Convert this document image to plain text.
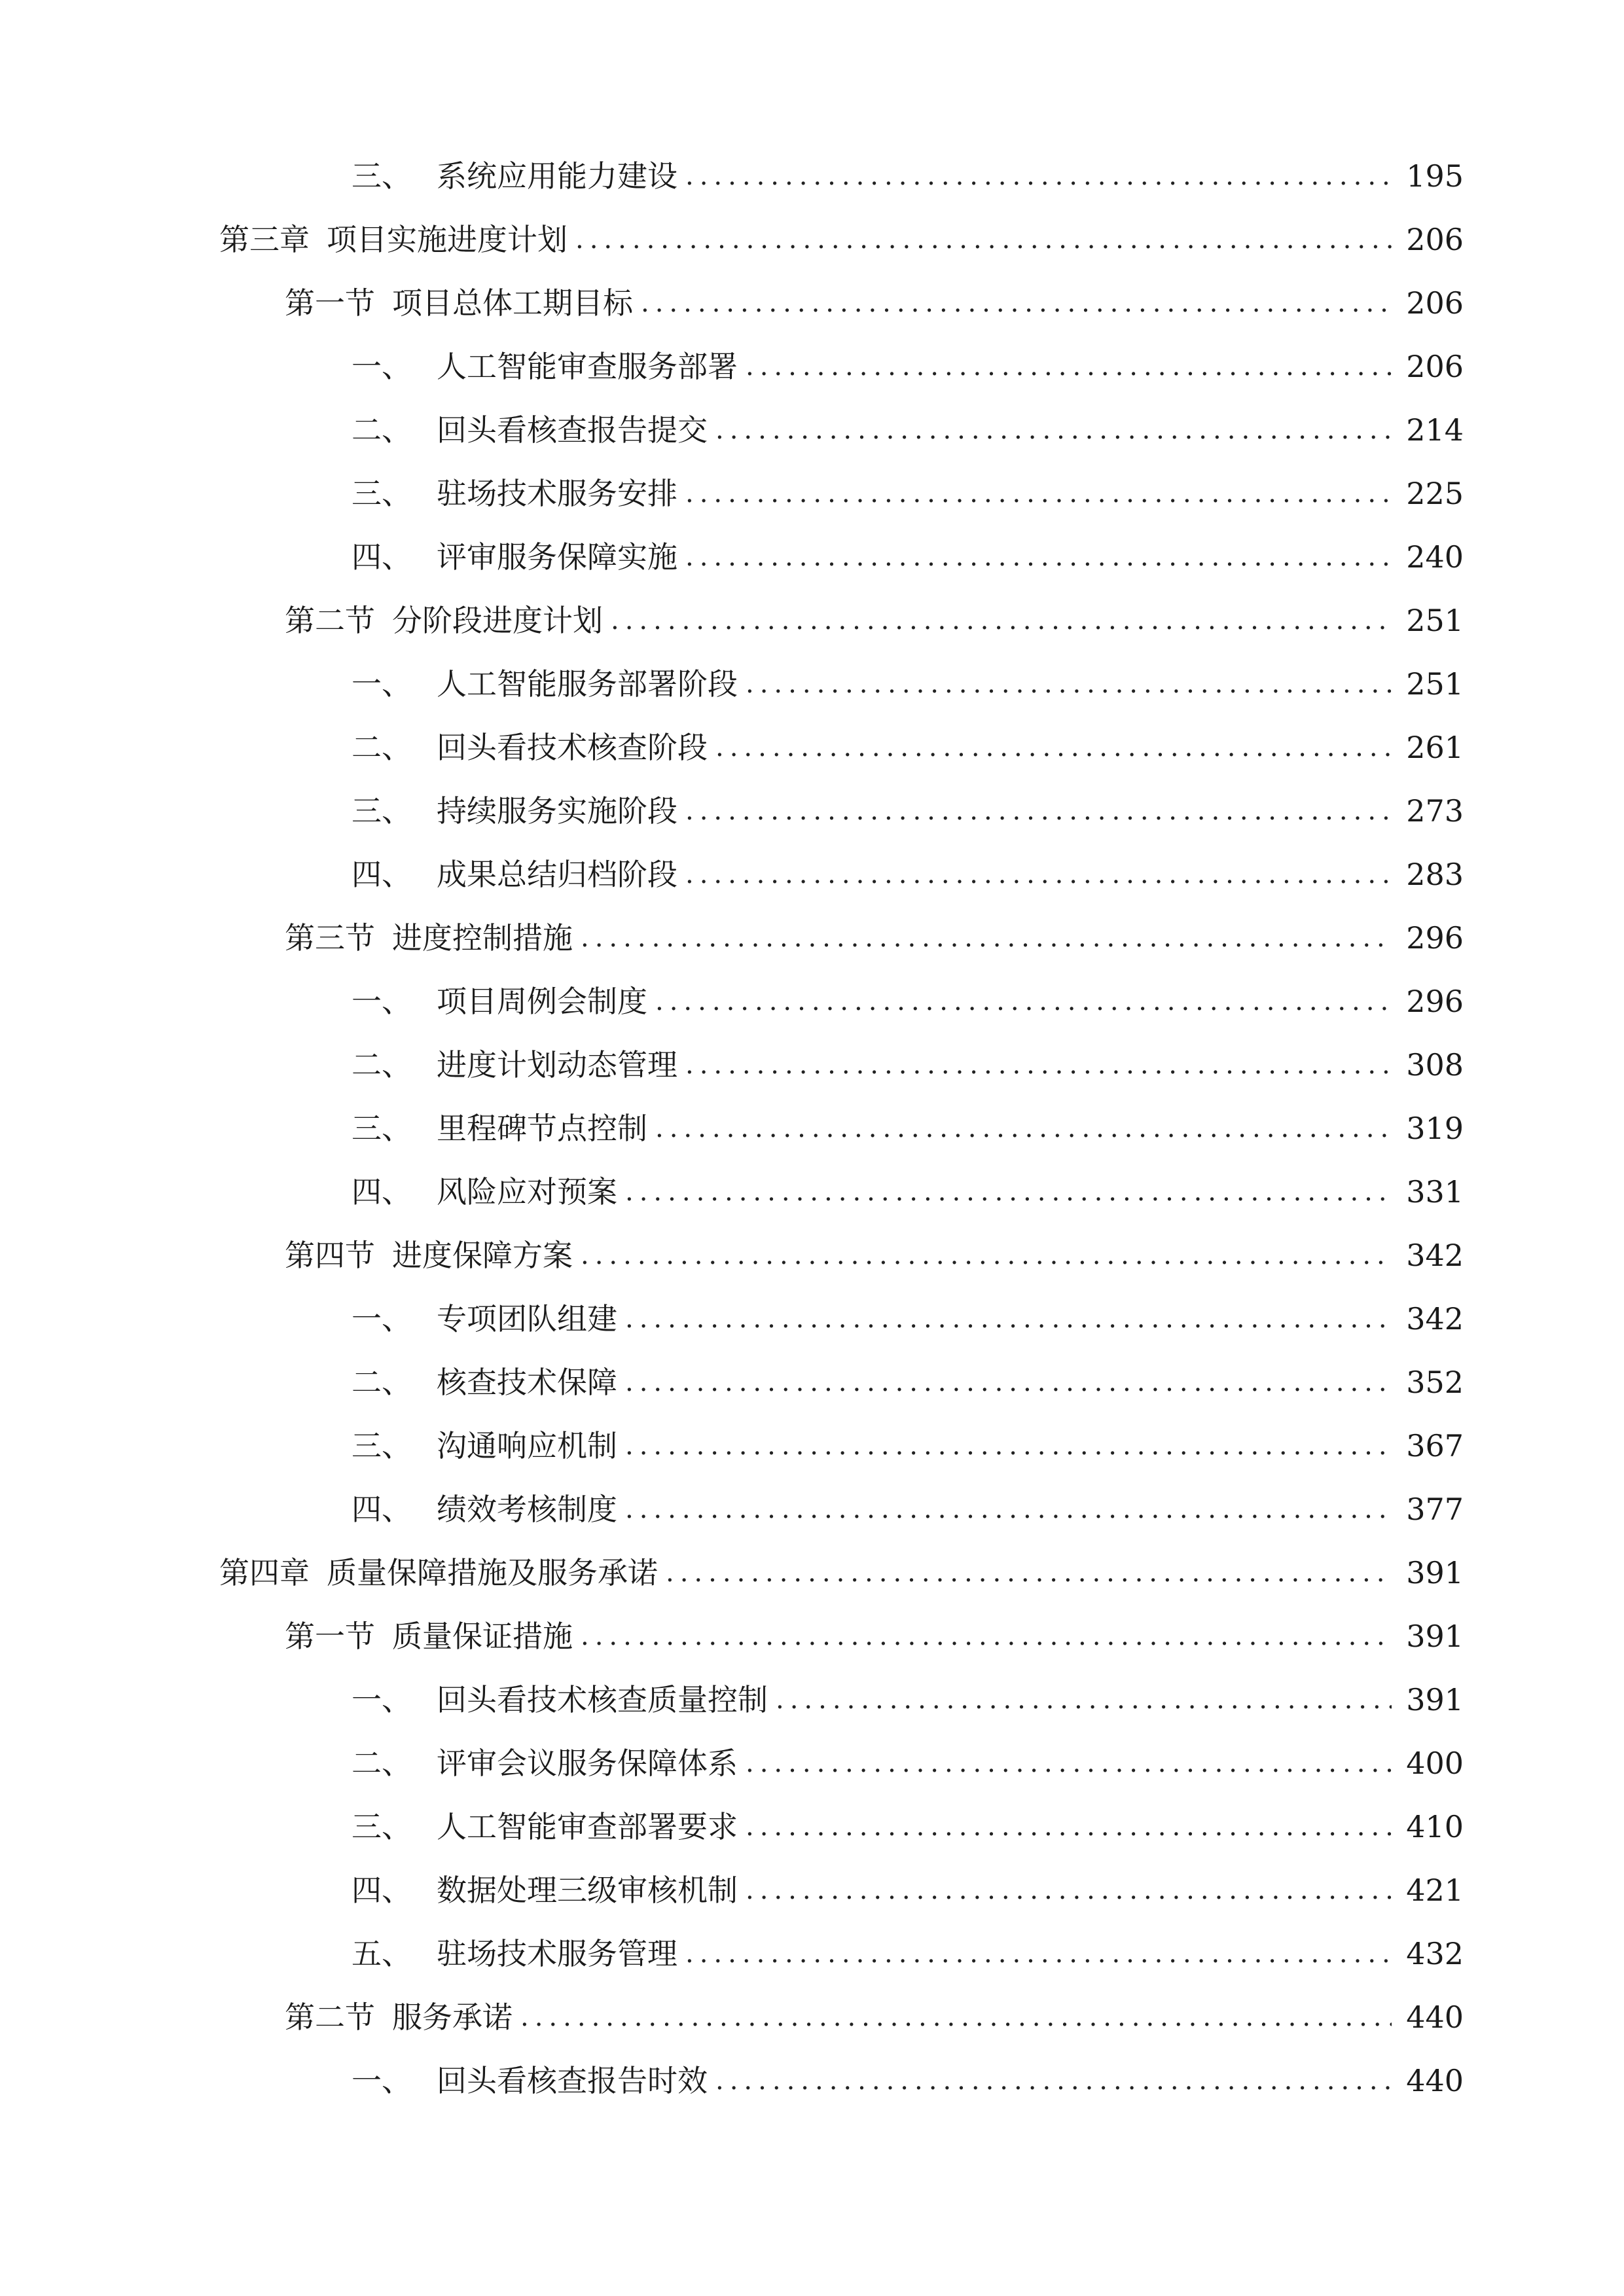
三、 系统应用能力建设 .....	195
第三章 项目实施进度计划 .....	206
第一节 项目总体工期目标 .....	206
一、 人工智能审查服务部署 .....	206
二、 回头看核查报告提交 .....	214
三、 驻场技术服务安排 .....	225
四、 评审服务保障实施 .....	240
第二节 分阶段进度计划 .....	251
一、 人工智能服务部署阶段 .....	251
二、 回头看技术核查阶段 .....	261
三、 持续服务实施阶段 .....	273
四、 成果总结归档阶段 .....	283
第三节 进度控制措施 .....	296
一、 项目周例会制度 .....	296
二、 进度计划动态管理 .....	308
三、 里程碑节点控制 .....	319
四、 风险应对预案 .....	331
第四节 进度保障方案 .....	342
一、 专项团队组建 .....	342
二、 核查技术保障 .....	352
三、 沟通响应机制 .....	367
四、 绩效考核制度 .....	377
第四章 质量保障措施及服务承诺 .....	391
第一节 质量保证措施 .....	391
一、 回头看技术核查质量控制 .....	391
二、 评审会议服务保障体系 .....	400
三、 人工智能审查部署要求 .....	410
四、 数据处理三级审核机制 .....	421
五、 驻场技术服务管理 .....	432
第二节 服务承诺 .....	440
一、 回头看核查报告时效 .....	440
